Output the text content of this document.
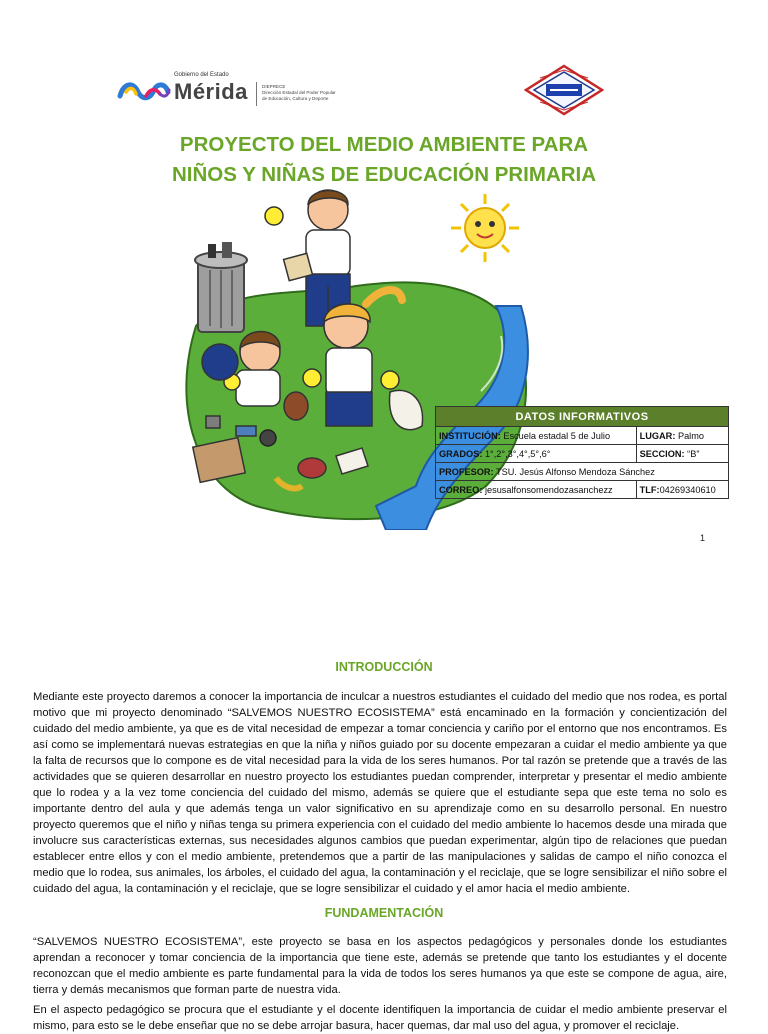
Gobierno del Estado
Mérida	DIEPRECE
Dirección Estadal del Poder Popular
de Educación, Cultura y Deporte
PROYECTO DEL MEDIO AMBIENTE PARA
NIÑOS Y NIÑAS DE EDUCACIÓN PRIMARIA
DATOS INFORMATIVOS	
INSTITUCIÓN: Escuela estadal 5 de Julio	LUGAR: Palmo
GRADOS: 1°,2°,3°,4°,5°,6°	SECCION: “B”
PROFESOR: TSU. Jesús Alfonso Mendoza Sánchez	
CORREO: jesusalfonsomendozasanchezz	TLF:04269340610
1
INTRODUCCIÓN

Mediante este proyecto daremos a conocer la importancia de inculcar a nuestros estudiantes el cuidado del medio que nos rodea, es portal motivo que mi proyecto denominado “SALVEMOS NUESTRO ECOSISTEMA” está encaminado en la formación y concientización del cuidado del medio ambiente, ya que es de vital necesidad de empezar a tomar conciencia y cariño por el entorno que nos encontramos. Es así como se implementará nuevas estrategias en que la niña y niños guiado por su docente empezaran a cuidar el medio ambiente ya que la falta de recursos que lo compone es de vital necesidad para la vida de los seres humanos. Por tal razón se pretende que a través de las actividades que se quieren desarrollar en nuestro proyecto los estudiantes puedan comprender, interpretar y presentar el medio ambiente que lo rodea y a la vez tome conciencia del cuidado del mismo, además se quiere que el estudiante sepa que este tema no solo es importante dentro del aula y que además tenga un valor significativo en su aprendizaje como en su desarrollo personal. En nuestro proyecto queremos que el niño y niñas tenga su primera experiencia con el cuidado del medio ambiente lo hacemos desde una mirada que involucre sus características externas, sus necesidades algunos cambios que puedan experimentar, algún tipo de relaciones que puedan establecer entre ellos y con el medio ambiente, pretendemos que a partir de las manipulaciones y salidas de campo el niño conozca el medio que lo rodea, sus animales, los árboles, el cuidado del agua, la contaminación y el reciclaje, que se logre sensibilizar el niño sobre el cuidado del agua, la contaminación y el reciclaje, que se logre sensibilizar el cuidado y el amor hacia el medio ambiente.

FUNDAMENTACIÓN

“SALVEMOS NUESTRO ECOSISTEMA”, este proyecto se basa en los aspectos pedagógicos y personales donde los estudiantes aprendan a reconocer y tomar conciencia de la importancia que tiene este, además se pretende que tanto los estudiantes y el docente reconozcan que el medio ambiente es parte fundamental para la vida de todos los seres humanos ya que este se compone de agua, aire, tierra y demás mecanismos que forman parte de nuestra vida.

En el aspecto pedagógico se procura que el estudiante y el docente identifiquen la importancia de cuidar el medio ambiente preservar el mismo, para esto se le debe enseñar que no se debe arrojar basura, hacer quemas, dar mal uso del agua, y promover el reciclaje.
